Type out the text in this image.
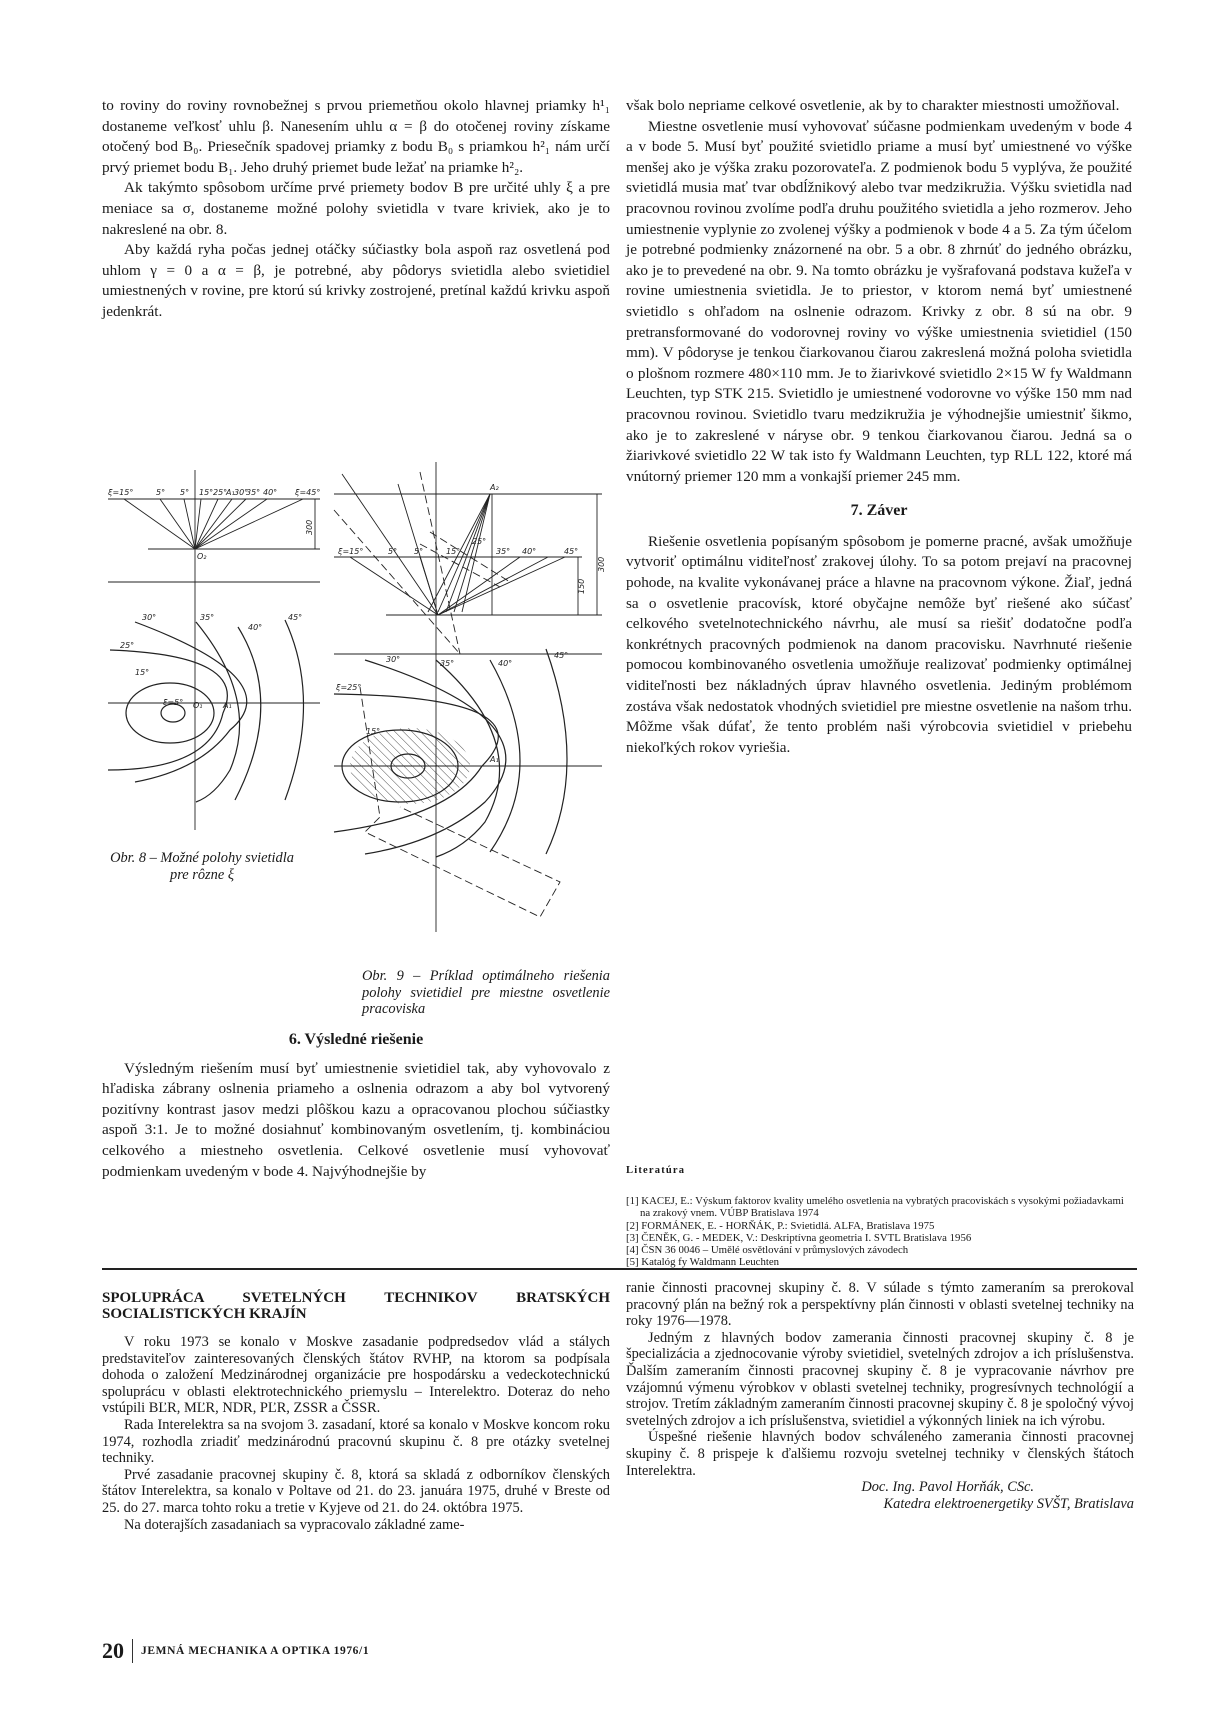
to roviny do roviny rovnobežnej s prvou priemetňou okolo hlavnej priamky h¹₁ dostaneme veľkosť uhlu β. Nanesením uhlu α = β do otočenej roviny získame otočený bod B₀. Priesečník spadovej priamky z bodu B₀ s priamkou h²₁ nám určí prvý priemet bodu B₁. Jeho druhý priemet bude ležať na priamke h²₂.

Ak takýmto spôsobom určíme prvé priemety bodov B pre určité uhly ξ a pre meniace sa σ, dostaneme možné polohy svietidla v tvare kriviek, ako je to nakreslené na obr. 8.

Aby každá ryha počas jednej otáčky súčiastky bola aspoň raz osvetlená pod uhlom γ = 0 a α = β, je potrebné, aby pôdorys svietidla alebo svietidiel umiestnených v rovine, pre ktorú sú krivky zostrojené, pretínal každú krivku aspoň jedenkrát.

ξ=15°	5° 5° 15° 25°
A₁ 30°
35° 40° ξ=45°
O₂
300
ξ=5°
15°
25°
30°	35°
40°
45°
O₁	A₁
Obr. 8 – Možné polohy svietidla pre rôzne ξ
A₂
ξ=15°	5° 5°	15°
25°
35° 40°	45°
150
300
ξ=25°
15°
30°	35°	40°
45°
A₁
Obr. 9 – Príklad optimálneho riešenia polohy svietidiel pre miestne osvetlenie pracoviska

6. Výsledné riešenie

Výsledným riešením musí byť umiestnenie svietidiel tak, aby vyhovovalo z hľadiska zábrany oslnenia priameho a oslnenia odrazom a aby bol vytvorený pozitívny kontrast jasov medzi plôškou kazu a opracovanou plochou súčiastky aspoň 3:1. Je to možné dosiahnuť kombinovaným osvetlením, tj. kombináciou celkového a miestneho osvetlenia. Celkové osvetlenie musí vyhovovať podmienkam uvedeným v bode 4. Najvýhodnejšie by

však bolo nepriame celkové osvetlenie, ak by to charakter miestnosti umožňoval.

Miestne osvetlenie musí vyhovovať súčasne podmienkam uvedeným v bode 4 a v bode 5. Musí byť použité svietidlo priame a musí byť umiestnené vo výške menšej ako je výška zraku pozorovateľa. Z podmienok bodu 5 vyplýva, že použité svietidlá musia mať tvar obdĺžnikový alebo tvar medzikružia. Výšku svietidla nad pracovnou rovinou zvolíme podľa druhu použitého svietidla a jeho rozmerov. Jeho umiestnenie vyplynie zo zvolenej výšky a podmienok v bode 4 a 5. Za tým účelom je potrebné podmienky znázornené na obr. 5 a obr. 8 zhrnúť do jedného obrázku, ako je to prevedené na obr. 9. Na tomto obrázku je vyšrafovaná podstava kužeľa v rovine umiestnenia svietidla. Je to priestor, v ktorom nemá byť umiestnené svietidlo s ohľadom na oslnenie odrazom. Krivky z obr. 8 sú na obr. 9 pretransformované do vodorovnej roviny vo výške umiestnenia svietidiel (150 mm). V pôdoryse je tenkou čiarkovanou čiarou zakreslená možná poloha svietidla o plošnom rozmere 480×110 mm. Je to žiarivkové svietidlo 2×15 W fy Waldmann Leuchten, typ STK 215. Svietidlo je umiestnené vodorovne vo výške 150 mm nad pracovnou rovinou. Svietidlo tvaru medzikružia je výhodnejšie umiestniť šikmo, ako je to zakreslené v náryse obr. 9 tenkou čiarkovanou čiarou. Jedná sa o žiarivkové svietidlo 22 W tak isto fy Waldmann Leuchten, typ RLL 122, ktoré má vnútorný priemer 120 mm a vonkajší priemer 245 mm.

7. Záver

Riešenie osvetlenia popísaným spôsobom je pomerne pracné, avšak umožňuje vytvoriť optimálnu viditeľnosť zrakovej úlohy. To sa potom prejaví na pracovnej pohode, na kvalite vykonávanej práce a hlavne na pracovnom výkone. Žiaľ, jedná sa o osvetlenie pracovísk, ktoré obyčajne nemôže byť riešené ako súčasť celkového svetelnotechnického návrhu, ale musí sa riešiť dodatočne podľa konkrétnych pracovných podmienok na danom pracovisku. Navrhnuté riešenie pomocou kombinovaného osvetlenia umožňuje realizovať podmienky optimálnej viditeľnosti bez nákladných úprav hlavného osvetlenia. Jediným problémom zostáva však nedostatok vhodných svietidiel pre miestne osvetlenie na našom trhu. Môžme však dúfať, že tento problém naši výrobcovia svietidiel v priebehu niekoľkých rokov vyriešia.

Literatúra
[1] KACEJ, E.: Výskum faktorov kvality umelého osvetlenia na vybratých pracoviskách s vysokými požiadavkami na zrakový vnem. VÚBP Bratislava 1974
[2] FORMÁNEK, E. - HORŇÁK, P.: Svietidlá. ALFA, Bratislava 1975
[3] ČENĚK, G. - MEDEK, V.: Deskriptívna geometria I. SVTL Bratislava 1956
[4] ČSN 36 0046 – Umělé osvětlování v průmyslových závodech
[5] Katalóg fy Waldmann Leuchten
SPOLUPRÁCA SVETELNÝCH TECHNIKOV BRATSKÝCH
SOCIALISTICKÝCH KRAJÍN

V roku 1973 se konalo v Moskve zasadanie podpredsedov vlád a stálych predstaviteľov zainteresovaných členských štátov RVHP, na ktorom sa podpísala dohoda o založení Medzinárodnej organizácie pre hospodársku a vedeckotechnickú spoluprácu v oblasti elektrotechnického priemyslu – Interelektro. Doteraz do neho vstúpili BĽR, MĽR, NDR, PĽR, ZSSR a ČSSR.

Rada Interelektra sa na svojom 3. zasadaní, ktoré sa konalo v Moskve koncom roku 1974, rozhodla zriadiť medzinárodnú pracovnú skupinu č. 8 pre otázky svetelnej techniky.

Prvé zasadanie pracovnej skupiny č. 8, ktorá sa skladá z odborníkov členských štátov Interelektra, sa konalo v Poltave od 21. do 23. januára 1975, druhé v Breste od 25. do 27. marca tohto roku a tretie v Kyjeve od 21. do 24. októbra 1975.

Na doterajších zasadaniach sa vypracovalo základné zame-

ranie činnosti pracovnej skupiny č. 8. V súlade s týmto zameraním sa prerokoval pracovný plán na bežný rok a perspektívny plán činnosti v oblasti svetelnej techniky na roky 1976—1978.

Jedným z hlavných bodov zamerania činnosti pracovnej skupiny č. 8 je špecializácia a zjednocovanie výroby svietidiel, svetelných zdrojov a ich príslušenstva. Ďalším zameraním činnosti pracovnej skupiny č. 8 je vypracovanie návrhov pre vzájomnú výmenu výrobkov v oblasti svetelnej techniky, progresívnych technológií a strojov. Tretím základným zameraním činnosti pracovnej skupiny č. 8 je spoločný vývoj svetelných zdrojov a ich príslušenstva, svietidiel a výkonných liniek na ich výrobu.

Úspešné riešenie hlavných bodov schváleného zamerania činnosti pracovnej skupiny č. 8 prispeje k ďalšiemu rozvoju svetelnej techniky v členských štátoch Interelektra.

Doc. Ing. Pavol Horňák, CSc.
Katedra elektroenergetiky SVŠT, Bratislava
20 JEMNÁ MECHANIKA A OPTIKA 1976/1
